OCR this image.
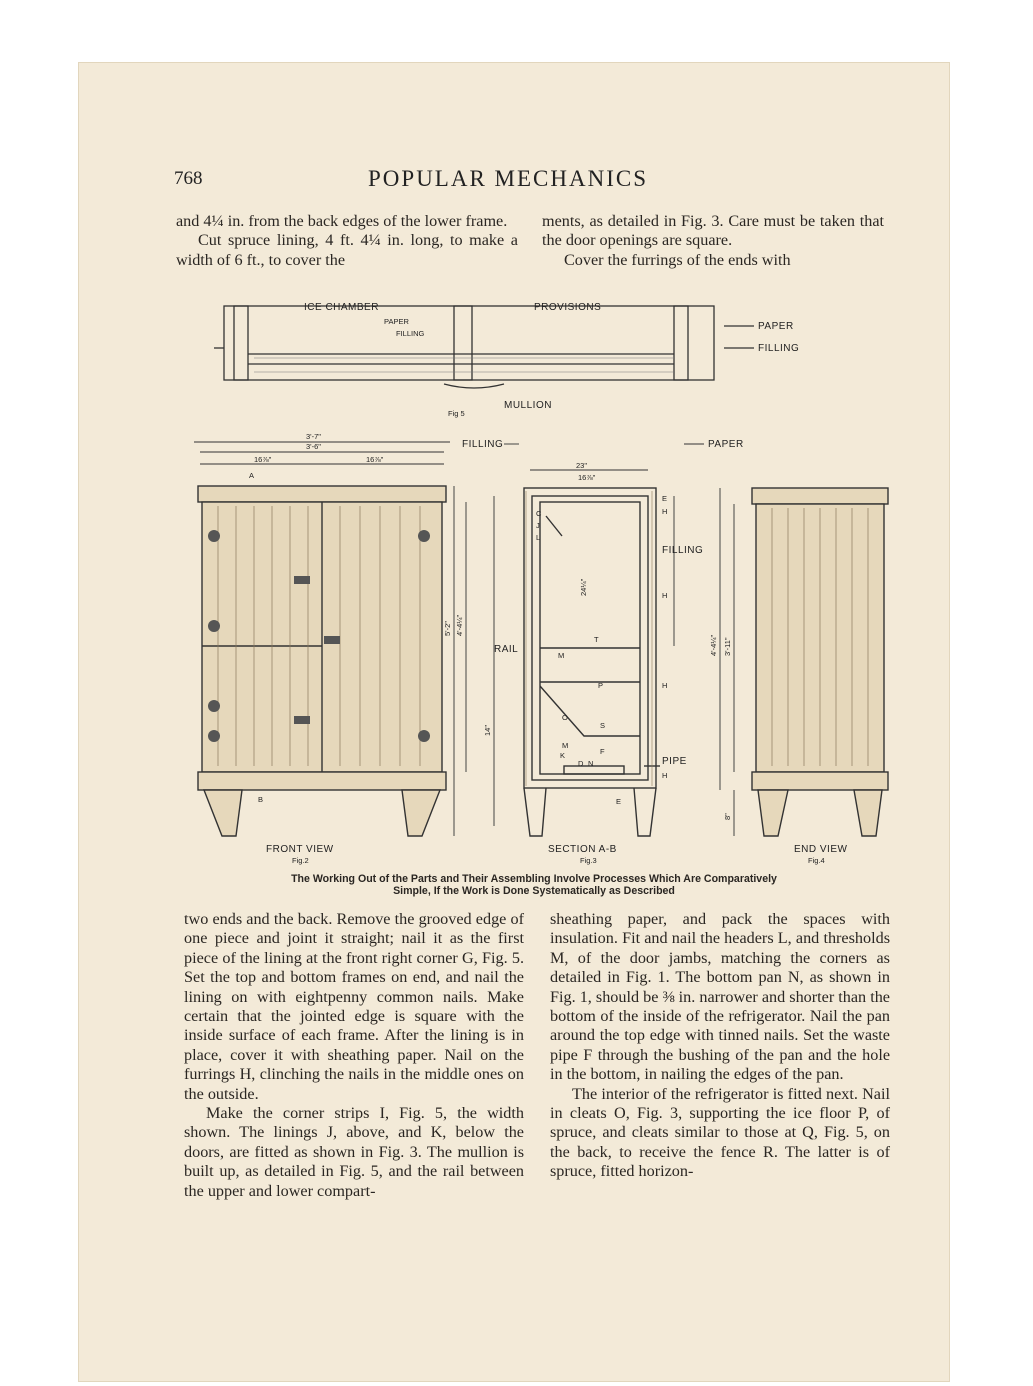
768	POPULAR MECHANICS

and 4¼ in. from the back edges of the lower frame.

Cut spruce lining, 4 ft. 4¼ in. long, to make a width of 6 ft., to cover the

ments, as detailed in Fig. 3. Care must be taken that the door openings are square.

Cover the furrings of the ends with

ICE CHAMBER	PROVISIONS
PAPER
FILLING
PAPER
FILLING
MULLION
Fig 5
3'-7"
3'-6"
16⅞"	16⅞"
A
B
5'-2" 4'-4¼"
FRONT VIEW
Fig.2
FILLING	PAPER
23"
16⅞"
FILLING
RAIL
PIPE
24¼"
14"
C
J
L
E
H
H
H
H
M
P
O
S
M
K
D N
F
E
T
SECTION A-B
Fig.3
4'-4¼" 3'-11"
8"
END VIEW
Fig.4
The Working Out of the Parts and Their Assembling Involve Processes Which Are Comparatively
Simple, If the Work is Done Systematically as Described

two ends and the back. Remove the grooved edge of one piece and joint it straight; nail it as the first piece of the lining at the front right corner G, Fig. 5. Set the top and bottom frames on end, and nail the lining on with eightpenny common nails. Make certain that the jointed edge is square with the inside surface of each frame. After the lining is in place, cover it with sheathing paper. Nail on the furrings H, clinching the nails in the middle ones on the outside.

Make the corner strips I, Fig. 5, the width shown. The linings J, above, and K, below the doors, are fitted as shown in Fig. 3. The mullion is built up, as detailed in Fig. 5, and the rail between the upper and lower compart-

sheathing paper, and pack the spaces with insulation. Fit and nail the headers L, and thresholds M, of the door jambs, matching the corners as detailed in Fig. 1. The bottom pan N, as shown in Fig. 1, should be ⅜ in. narrower and shorter than the bottom of the inside of the refrigerator. Nail the pan around the top edge with tinned nails. Set the waste pipe F through the bushing of the pan and the hole in the bottom, in nailing the edges of the pan.

The interior of the refrigerator is fitted next. Nail in cleats O, Fig. 3, supporting the ice floor P, of spruce, and cleats similar to those at Q, Fig. 5, on the back, to receive the fence R. The latter is of spruce, fitted horizon-
